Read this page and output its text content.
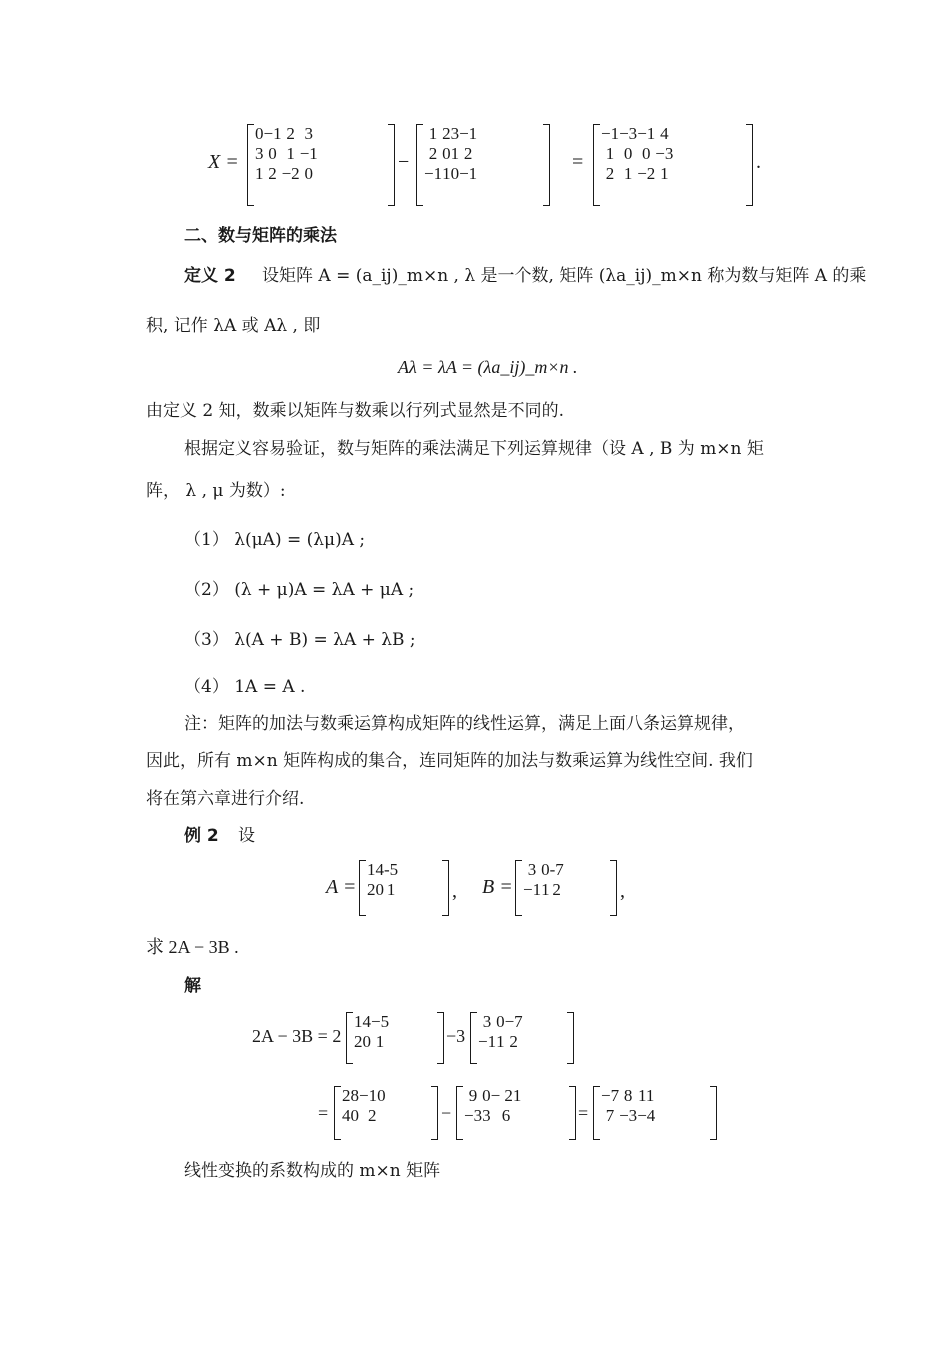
X =
0	−1	2	3
3	0	1	−1
1	2	−2	0
−
1	2	3	−1
2	0	1	2
−1	1	0	−1
=
−1	−3	−1	4
1	0	0	−3
2	1	−2	1
.
二、数与矩阵的乘法
定义 2 设矩阵 A = (a_ij)_m×n , λ 是一个数, 矩阵 (λa_ij)_m×n 称为数与矩阵 A 的乘
积, 记作 λA 或 Aλ , 即
Aλ = λA = (λa_ij)_m×n .
由定义 2 知，数乘以矩阵与数乘以行列式显然是不同的.
根据定义容易验证，数与矩阵的乘法满足下列运算规律（设 A , B 为 m×n 矩
阵， λ , μ 为数）:
（1） λ(μA) = (λμ)A ;
（2） (λ + μ)A = λA + μA ;
（3） λ(A + B) = λA + λB ;
（4） 1A = A .
注：矩阵的加法与数乘运算构成矩阵的线性运算，满足上面八条运算规律，
因此，所有 m×n 矩阵构成的集合，连同矩阵的加法与数乘运算为线性空间. 我们
将在第六章进行介绍.
例 2 设
A =
1	4	-5
2	0	1	, B =
3	0	-7
−1	1	2	,
求 2A − 3B .
解
2A − 3B = 2
1	4	−5
2	0	1	−3
3	0	−7
−1	1	2
=
2	8	−10
4	0	2	−
9	0	− 21
−3	3	6	=
−7	8	11
7	−3	−4
线性变换的系数构成的 m×n 矩阵
